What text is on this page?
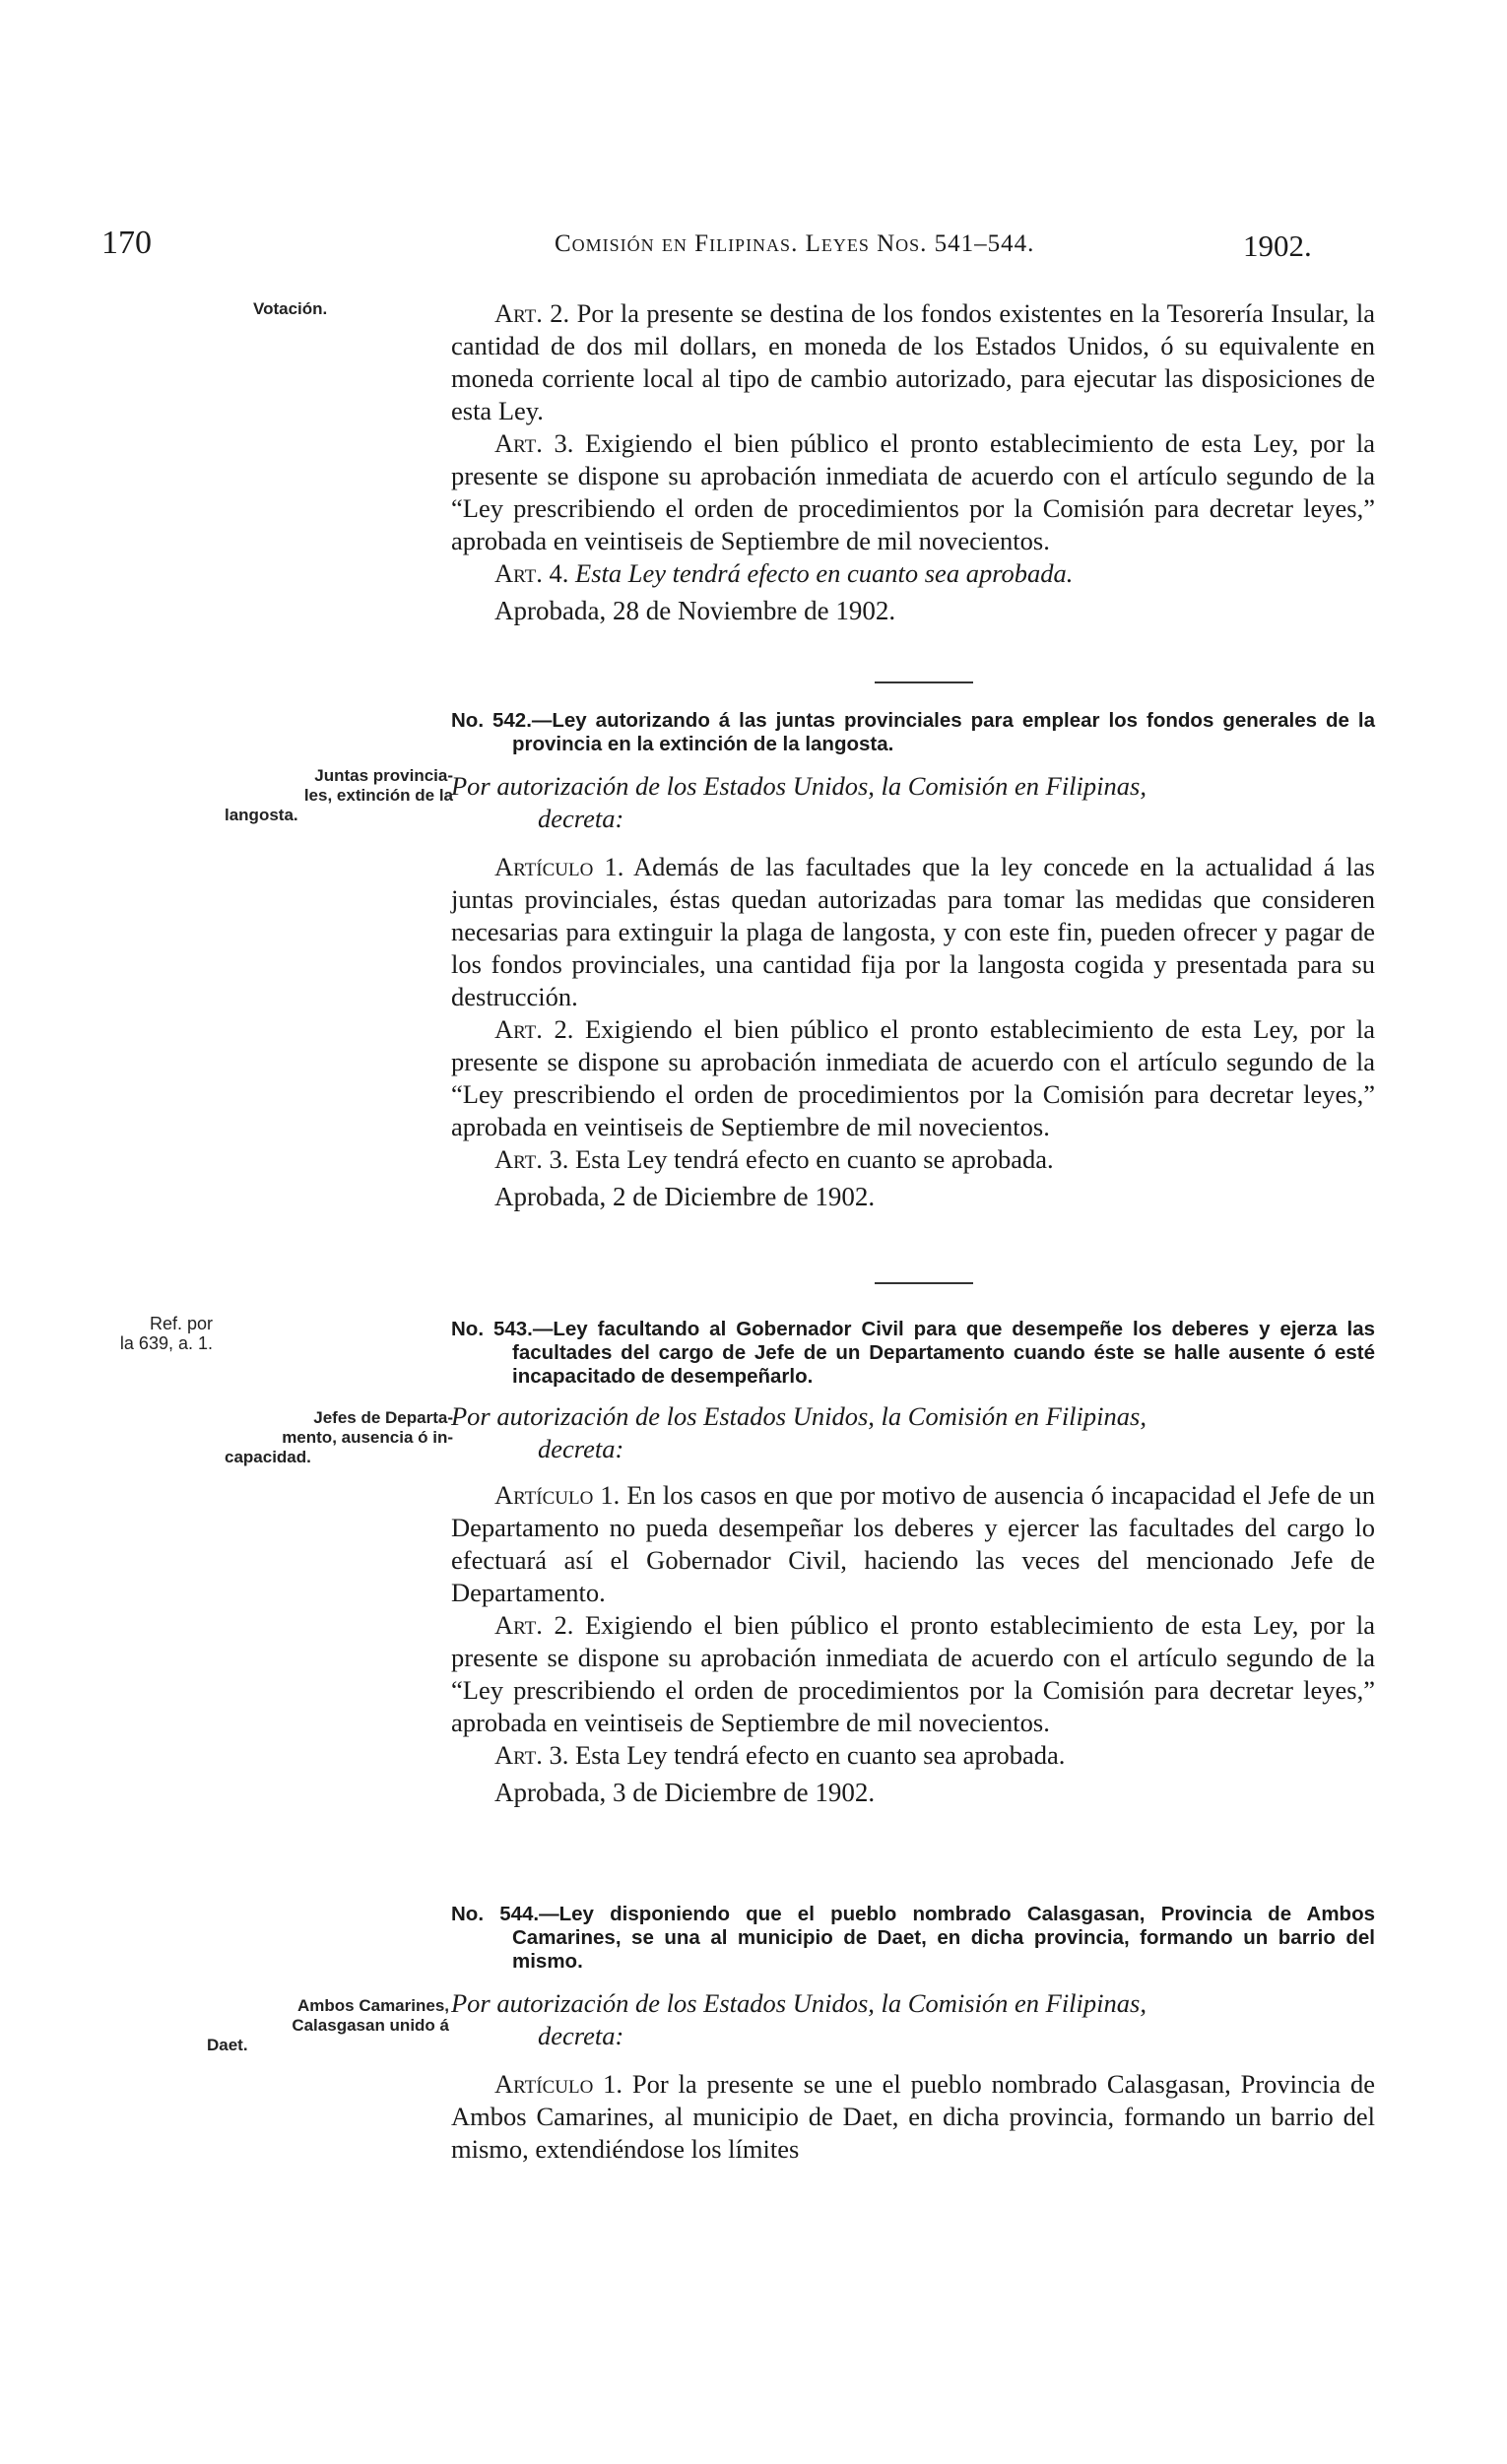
170	Comisión en Filipinas. Leyes Nos. 541–544.	1902.
Votación.
Juntas provincia-
les, extinción de la
langosta.
Ref. por
la 639, a. 1.
Jefes de Departa-
mento, ausencia ó in-
capacidad.
Ambos Camarines,
Calasgasan unido á
Daet.

Art. 2. Por la presente se destina de los fondos existentes en la Tesorería Insular, la cantidad de dos mil dollars, en moneda de los Estados Unidos, ó su equivalente en moneda corriente local al tipo de cambio autorizado, para ejecutar las disposiciones de esta Ley.

Art. 3. Exigiendo el bien público el pronto establecimiento de esta Ley, por la presente se dispone su aprobación inmediata de acuerdo con el artículo segundo de la “Ley prescribiendo el orden de procedimientos por la Comisión para decretar leyes,” aprobada en veintiseis de Septiembre de mil novecientos.

Art. 4. Esta Ley tendrá efecto en cuanto sea aprobada.

Aprobada, 28 de Noviembre de 1902.

No. 542.—Ley autorizando á las juntas provinciales para emplear los fondos generales de la provincia en la extinción de la langosta.

Por autorización de los Estados Unidos, la Comisión en Filipinas,

decreta:

Artículo 1. Además de las facultades que la ley concede en la actualidad á las juntas provinciales, éstas quedan autorizadas para tomar las medidas que consideren necesarias para extinguir la plaga de langosta, y con este fin, pueden ofrecer y pagar de los fondos provinciales, una cantidad fija por la langosta cogida y presentada para su destrucción.

Art. 2. Exigiendo el bien público el pronto establecimiento de esta Ley, por la presente se dispone su aprobación inmediata de acuerdo con el artículo segundo de la “Ley prescribiendo el orden de procedimientos por la Comisión para decretar leyes,” aprobada en veintiseis de Septiembre de mil novecientos.

Art. 3. Esta Ley tendrá efecto en cuanto se aprobada.

Aprobada, 2 de Diciembre de 1902.

No. 543.—Ley facultando al Gobernador Civil para que desempeñe los deberes y ejerza las facultades del cargo de Jefe de un Departamento cuando éste se halle ausente ó esté incapacitado de desempeñarlo.

Por autorización de los Estados Unidos, la Comisión en Filipinas,

decreta:

Artículo 1. En los casos en que por motivo de ausencia ó incapacidad el Jefe de un Departamento no pueda desempeñar los deberes y ejercer las facultades del cargo lo efectuará así el Gobernador Civil, haciendo las veces del mencionado Jefe de Departamento.

Art. 2. Exigiendo el bien público el pronto establecimiento de esta Ley, por la presente se dispone su aprobación inmediata de acuerdo con el artículo segundo de la “Ley prescribiendo el orden de procedimientos por la Comisión para decretar leyes,” aprobada en veintiseis de Septiembre de mil novecientos.

Art. 3. Esta Ley tendrá efecto en cuanto sea aprobada.

Aprobada, 3 de Diciembre de 1902.

No. 544.—Ley disponiendo que el pueblo nombrado Calasgasan, Provincia de Ambos Camarines, se una al municipio de Daet, en dicha provincia, formando un barrio del mismo.

Por autorización de los Estados Unidos, la Comisión en Filipinas,

decreta:

Artículo 1. Por la presente se une el pueblo nombrado Calasgasan, Provincia de Ambos Camarines, al municipio de Daet, en dicha provincia, formando un barrio del mismo, extendiéndose los límites
